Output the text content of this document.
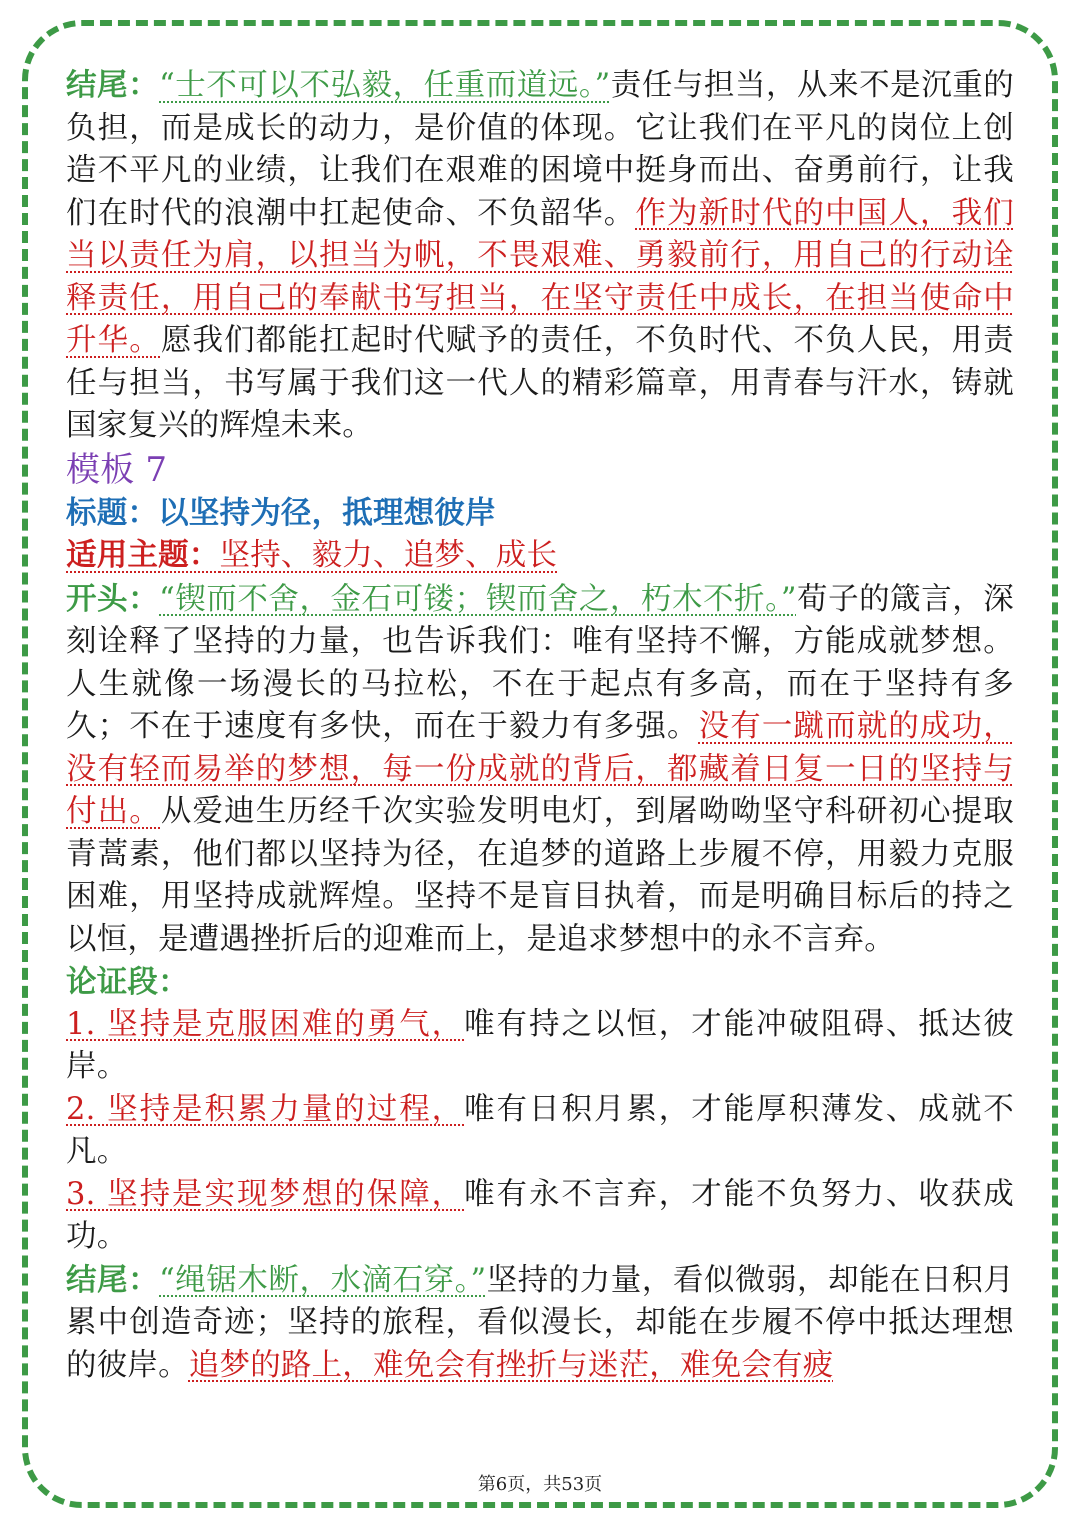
结尾：“士不可以不弘毅，任重而道远。”责任与担当，从来不是沉重的负担，而是成长的动力，是价值的体现。它让我们在平凡的岗位上创造不平凡的业绩，让我们在艰难的困境中挺身而出、奋勇前行，让我们在时代的浪潮中扛起使命、不负韶华。作为新时代的中国人，我们当以责任为肩，以担当为帆，不畏艰难、勇毅前行，用自己的行动诠释责任，用自己的奉献书写担当，在坚守责任中成长，在担当使命中升华。愿我们都能扛起时代赋予的责任，不负时代、不负人民，用责任与担当，书写属于我们这一代人的精彩篇章，用青春与汗水，铸就国家复兴的辉煌未来。

模板 7

标题：以坚持为径，抵理想彼岸

适用主题：坚持、毅力、追梦、成长

开头：“锲而不舍，金石可镂；锲而舍之，朽木不折。”荀子的箴言，深刻诠释了坚持的力量，也告诉我们：唯有坚持不懈，方能成就梦想。人生就像一场漫长的马拉松，不在于起点有多高，而在于坚持有多久；不在于速度有多快，而在于毅力有多强。没有一蹴而就的成功，没有轻而易举的梦想，每一份成就的背后，都藏着日复一日的坚持与付出。从爱迪生历经千次实验发明电灯，到屠呦呦坚守科研初心提取青蒿素，他们都以坚持为径，在追梦的道路上步履不停，用毅力克服困难，用坚持成就辉煌。坚持不是盲目执着，而是明确目标后的持之以恒，是遭遇挫折后的迎难而上，是追求梦想中的永不言弃。

论证段：

1. 坚持是克服困难的勇气，唯有持之以恒，才能冲破阻碍、抵达彼岸。

2. 坚持是积累力量的过程，唯有日积月累，才能厚积薄发、成就不凡。

3. 坚持是实现梦想的保障，唯有永不言弃，才能不负努力、收获成功。

结尾：“绳锯木断，水滴石穿。”坚持的力量，看似微弱，却能在日积月累中创造奇迹；坚持的旅程，看似漫长，却能在步履不停中抵达理想的彼岸。追梦的路上，难免会有挫折与迷茫，难免会有疲

第6页，共53页
